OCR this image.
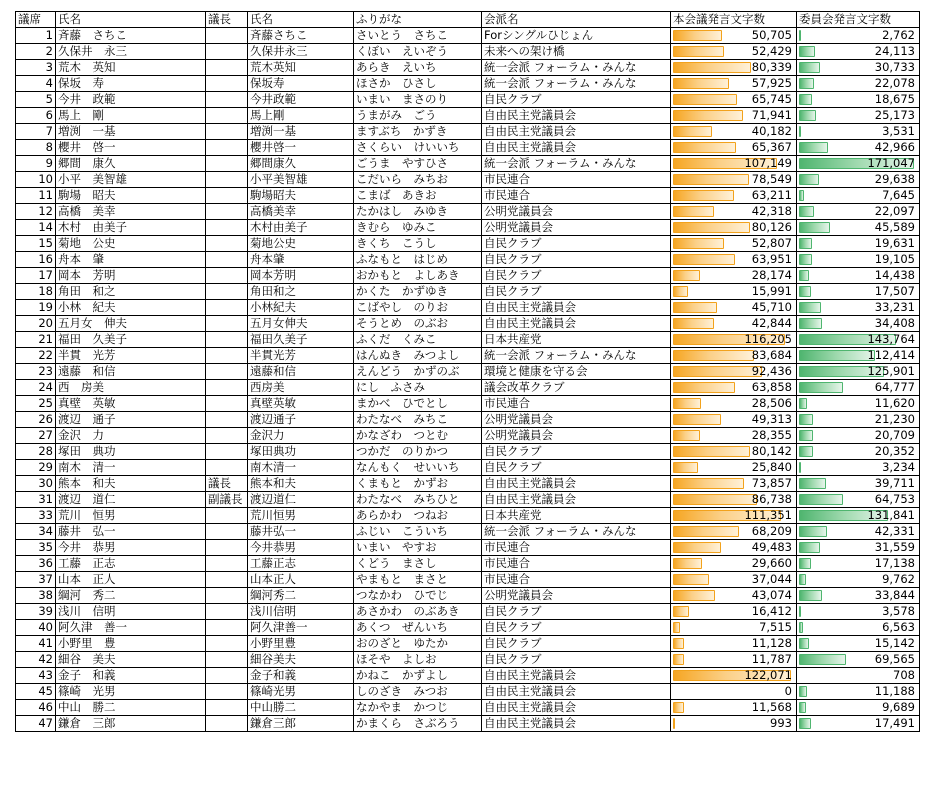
議席	氏名	議長	氏名	ふりがな	会派名	本会議発言文字数	委員会発言文字数
1	斉藤　さちこ		斉藤さちこ	さいとう　さちこ	Forシングルひじょん	50,705	2,762
2	久保井　永三		久保井永三	くぼい　えいぞう	未来への架け橋	52,429	24,113
3	荒木　英知		荒木英知	あらき　えいち	統一会派 フォーラム・みんな	80,339	30,733
4	保坂　寿		保坂寿	ほさか　ひさし	統一会派 フォーラム・みんな	57,925	22,078
5	今井　政範		今井政範	いまい　まさのり	自民クラブ	65,745	18,675
6	馬上　剛		馬上剛	うまがみ　ごう	自由民主党議員会	71,941	25,173
7	増渕　一基		増渕一基	ますぶち　かずき	自由民主党議員会	40,182	3,531
8	櫻井　啓一		櫻井啓一	さくらい　けいいち	自由民主党議員会	65,367	42,966
9	郷間　康久		郷間康久	ごうま　やすひさ	統一会派 フォーラム・みんな	107,149	171,047
10	小平　美智雄		小平美智雄	こだいら　みちお	市民連合	78,549	29,638
11	駒場　昭夫		駒場昭夫	こまば　あきお	市民連合	63,211	7,645
12	高橋　美幸		高橋美幸	たかはし　みゆき	公明党議員会	42,318	22,097
14	木村　由美子		木村由美子	きむら　ゆみこ	公明党議員会	80,126	45,589
15	菊地　公史		菊地公史	きくち　こうし	自民クラブ	52,807	19,631
16	舟本　肇		舟本肇	ふなもと　はじめ	自民クラブ	63,951	19,105
17	岡本　芳明		岡本芳明	おかもと　よしあき	自民クラブ	28,174	14,438
18	角田　和之		角田和之	かくた　かずゆき	自民クラブ	15,991	17,507
19	小林　紀夫		小林紀夫	こばやし　のりお	自由民主党議員会	45,710	33,231
20	五月女　伸夫		五月女伸夫	そうとめ　のぶお	自由民主党議員会	42,844	34,408
21	福田　久美子		福田久美子	ふくだ　くみこ	日本共産党	116,205	143,764
22	半貫　光芳		半貫光芳	はんぬき　みつよし	統一会派 フォーラム・みんな	83,684	112,414
23	遠藤　和信		遠藤和信	えんどう　かずのぶ	環境と健康を守る会	92,436	125,901
24	西　房美		西房美	にし　ふさみ	議会改革クラブ	63,858	64,777
25	真壁　英敏		真壁英敏	まかべ　ひでとし	市民連合	28,506	11,620
26	渡辺　通子		渡辺通子	わたなべ　みちこ	公明党議員会	49,313	21,230
27	金沢　力		金沢力	かなざわ　つとむ	公明党議員会	28,355	20,709
28	塚田　典功		塚田典功	つかだ　のりかつ	自民クラブ	80,142	20,352
29	南木　清一		南木清一	なんもく　せいいち	自民クラブ	25,840	3,234
30	熊本　和夫	議長	熊本和夫	くまもと　かずお	自由民主党議員会	73,857	39,711
31	渡辺　道仁	副議長	渡辺道仁	わたなべ　みちひと	自由民主党議員会	86,738	64,753
33	荒川　恒男		荒川恒男	あらかわ　つねお	日本共産党	111,351	131,841
34	藤井　弘一		藤井弘一	ふじい　こういち	統一会派 フォーラム・みんな	68,209	42,331
35	今井　恭男		今井恭男	いまい　やすお	市民連合	49,483	31,559
36	工藤　正志		工藤正志	くどう　まさし	市民連合	29,660	17,138
37	山本　正人		山本正人	やまもと　まさと	市民連合	37,044	9,762
38	綱河　秀二		綱河秀二	つなかわ　ひでじ	公明党議員会	43,074	33,844
39	浅川　信明		浅川信明	あさかわ　のぶあき	自民クラブ	16,412	3,578
40	阿久津　善一		阿久津善一	あくつ　ぜんいち	自民クラブ	7,515	6,563
41	小野里　豊		小野里豊	おのざと　ゆたか	自民クラブ	11,128	15,142
42	細谷　美夫		細谷美夫	ほそや　よしお	自民クラブ	11,787	69,565
43	金子　和義		金子和義	かねこ　かずよし	自由民主党議員会	122,071	708
45	篠崎　光男		篠崎光男	しのざき　みつお	自由民主党議員会	0	11,188
46	中山　勝二		中山勝二	なかやま　かつじ	自由民主党議員会	11,568	9,689
47	鎌倉　三郎		鎌倉三郎	かまくら　さぶろう	自由民主党議員会	993	17,491
